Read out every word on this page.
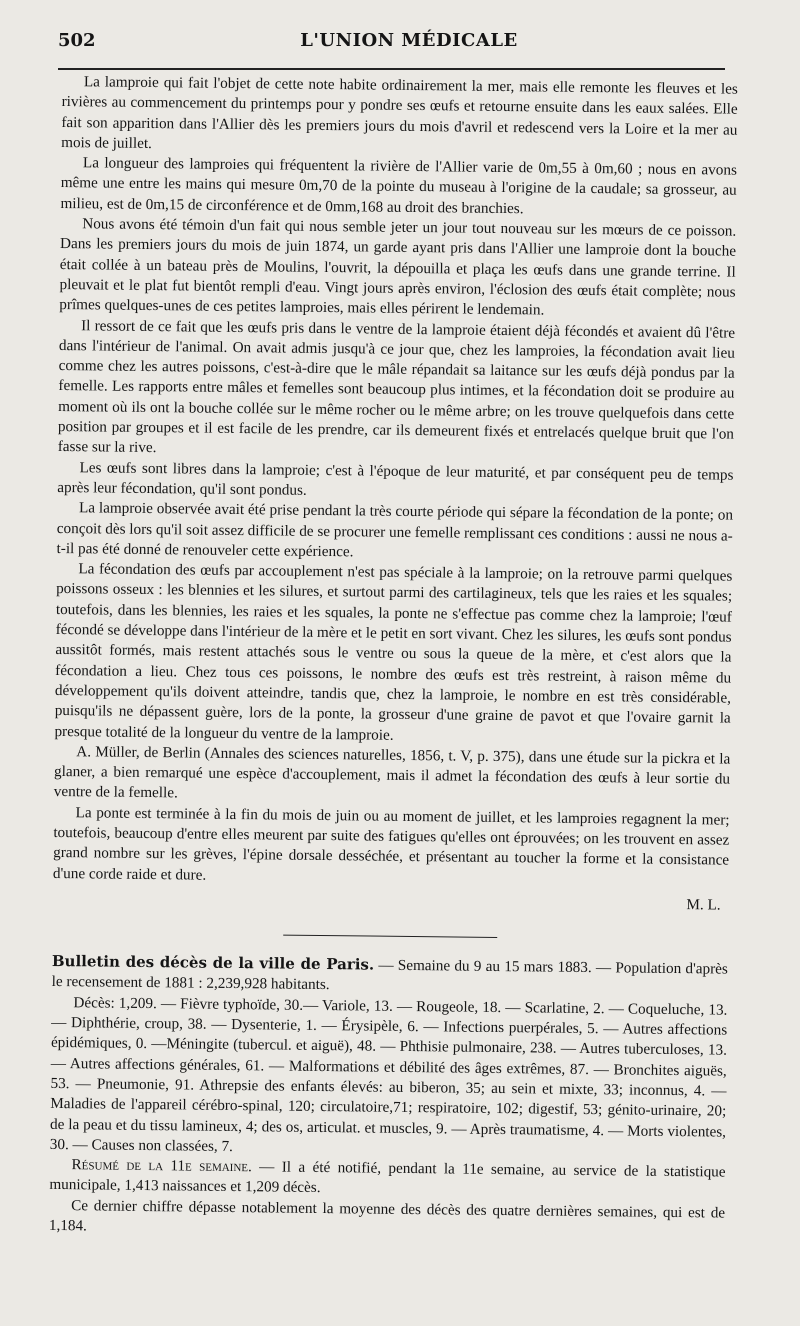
502	L'UNION MÉDICALE

La lamproie qui fait l'objet de cette note habite ordinairement la mer, mais elle remonte les fleuves et les rivières au commencement du printemps pour y pondre ses œufs et retourne ensuite dans les eaux salées. Elle fait son apparition dans l'Allier dès les premiers jours du mois d'avril et redescend vers la Loire et la mer au mois de juillet.

La longueur des lamproies qui fréquentent la rivière de l'Allier varie de 0m,55 à 0m,60 ; nous en avons même une entre les mains qui mesure 0m,70 de la pointe du museau à l'origine de la caudale; sa grosseur, au milieu, est de 0m,15 de circonférence et de 0mm,168 au droit des branchies.

Nous avons été témoin d'un fait qui nous semble jeter un jour tout nouveau sur les mœurs de ce poisson. Dans les premiers jours du mois de juin 1874, un garde ayant pris dans l'Allier une lamproie dont la bouche était collée à un bateau près de Moulins, l'ouvrit, la dépouilla et plaça les œufs dans une grande terrine. Il pleuvait et le plat fut bientôt rempli d'eau. Vingt jours après environ, l'éclosion des œufs était complète; nous prîmes quelques-unes de ces petites lamproies, mais elles périrent le lendemain.

Il ressort de ce fait que les œufs pris dans le ventre de la lamproie étaient déjà fécondés et avaient dû l'être dans l'intérieur de l'animal. On avait admis jusqu'à ce jour que, chez les lamproies, la fécondation avait lieu comme chez les autres poissons, c'est-à-dire que le mâle répandait sa laitance sur les œufs déjà pondus par la femelle. Les rapports entre mâles et femelles sont beaucoup plus intimes, et la fécondation doit se produire au moment où ils ont la bouche collée sur le même rocher ou le même arbre; on les trouve quelquefois dans cette position par groupes et il est facile de les prendre, car ils demeurent fixés et entrelacés quelque bruit que l'on fasse sur la rive.

Les œufs sont libres dans la lamproie; c'est à l'époque de leur maturité, et par conséquent peu de temps après leur fécondation, qu'il sont pondus.

La lamproie observée avait été prise pendant la très courte période qui sépare la fécondation de la ponte; on conçoit dès lors qu'il soit assez difficile de se procurer une femelle remplissant ces conditions : aussi ne nous a-t-il pas été donné de renouveler cette expérience.

La fécondation des œufs par accouplement n'est pas spéciale à la lamproie; on la retrouve parmi quelques poissons osseux : les blennies et les silures, et surtout parmi des cartilagineux, tels que les raies et les squales; toutefois, dans les blennies, les raies et les squales, la ponte ne s'effectue pas comme chez la lamproie; l'œuf fécondé se développe dans l'intérieur de la mère et le petit en sort vivant. Chez les silures, les œufs sont pondus aussitôt formés, mais restent attachés sous le ventre ou sous la queue de la mère, et c'est alors que la fécondation a lieu. Chez tous ces poissons, le nombre des œufs est très restreint, à raison même du développement qu'ils doivent atteindre, tandis que, chez la lamproie, le nombre en est très considérable, puisqu'ils ne dépassent guère, lors de la ponte, la grosseur d'une graine de pavot et que l'ovaire garnit la presque totalité de la longueur du ventre de la lamproie.

A. Müller, de Berlin (Annales des sciences naturelles, 1856, t. V, p. 375), dans une étude sur la pickra et la glaner, a bien remarqué une espèce d'accouplement, mais il admet la fécondation des œufs à leur sortie du ventre de la femelle.

La ponte est terminée à la fin du mois de juin ou au moment de juillet, et les lamproies regagnent la mer; toutefois, beaucoup d'entre elles meurent par suite des fatigues qu'elles ont éprouvées; on les trouvent en assez grand nombre sur les grèves, l'épine dorsale desséchée, et présentant au toucher la forme et la consistance d'une corde raide et dure.

M. L.

Bulletin des décès de la ville de Paris. — Semaine du 9 au 15 mars 1883. — Population d'après le recensement de 1881 : 2,239,928 habitants.

Décès: 1,209. — Fièvre typhoïde, 30.— Variole, 13. — Rougeole, 18. — Scarlatine, 2. — Coqueluche, 13. — Diphthérie, croup, 38. — Dysenterie, 1. — Érysipèle, 6. — Infections puerpérales, 5. — Autres affections épidémiques, 0. —Méningite (tubercul. et aiguë), 48. — Phthisie pulmonaire, 238. — Autres tuberculoses, 13. — Autres affections générales, 61. — Malformations et débilité des âges extrêmes, 87. — Bronchites aiguës, 53. — Pneumonie, 91. Athrepsie des enfants élevés: au biberon, 35; au sein et mixte, 33; inconnus, 4. — Maladies de l'appareil cérébro-spinal, 120; circulatoire,71; respiratoire, 102; digestif, 53; génito-urinaire, 20; de la peau et du tissu lamineux, 4; des os, articulat. et muscles, 9. — Après traumatisme, 4. — Morts violentes, 30. — Causes non classées, 7.

Résumé de la 11e semaine. — Il a été notifié, pendant la 11e semaine, au service de la statistique municipale, 1,413 naissances et 1,209 décès.

Ce dernier chiffre dépasse notablement la moyenne des décès des quatre dernières semaines, qui est de 1,184.
